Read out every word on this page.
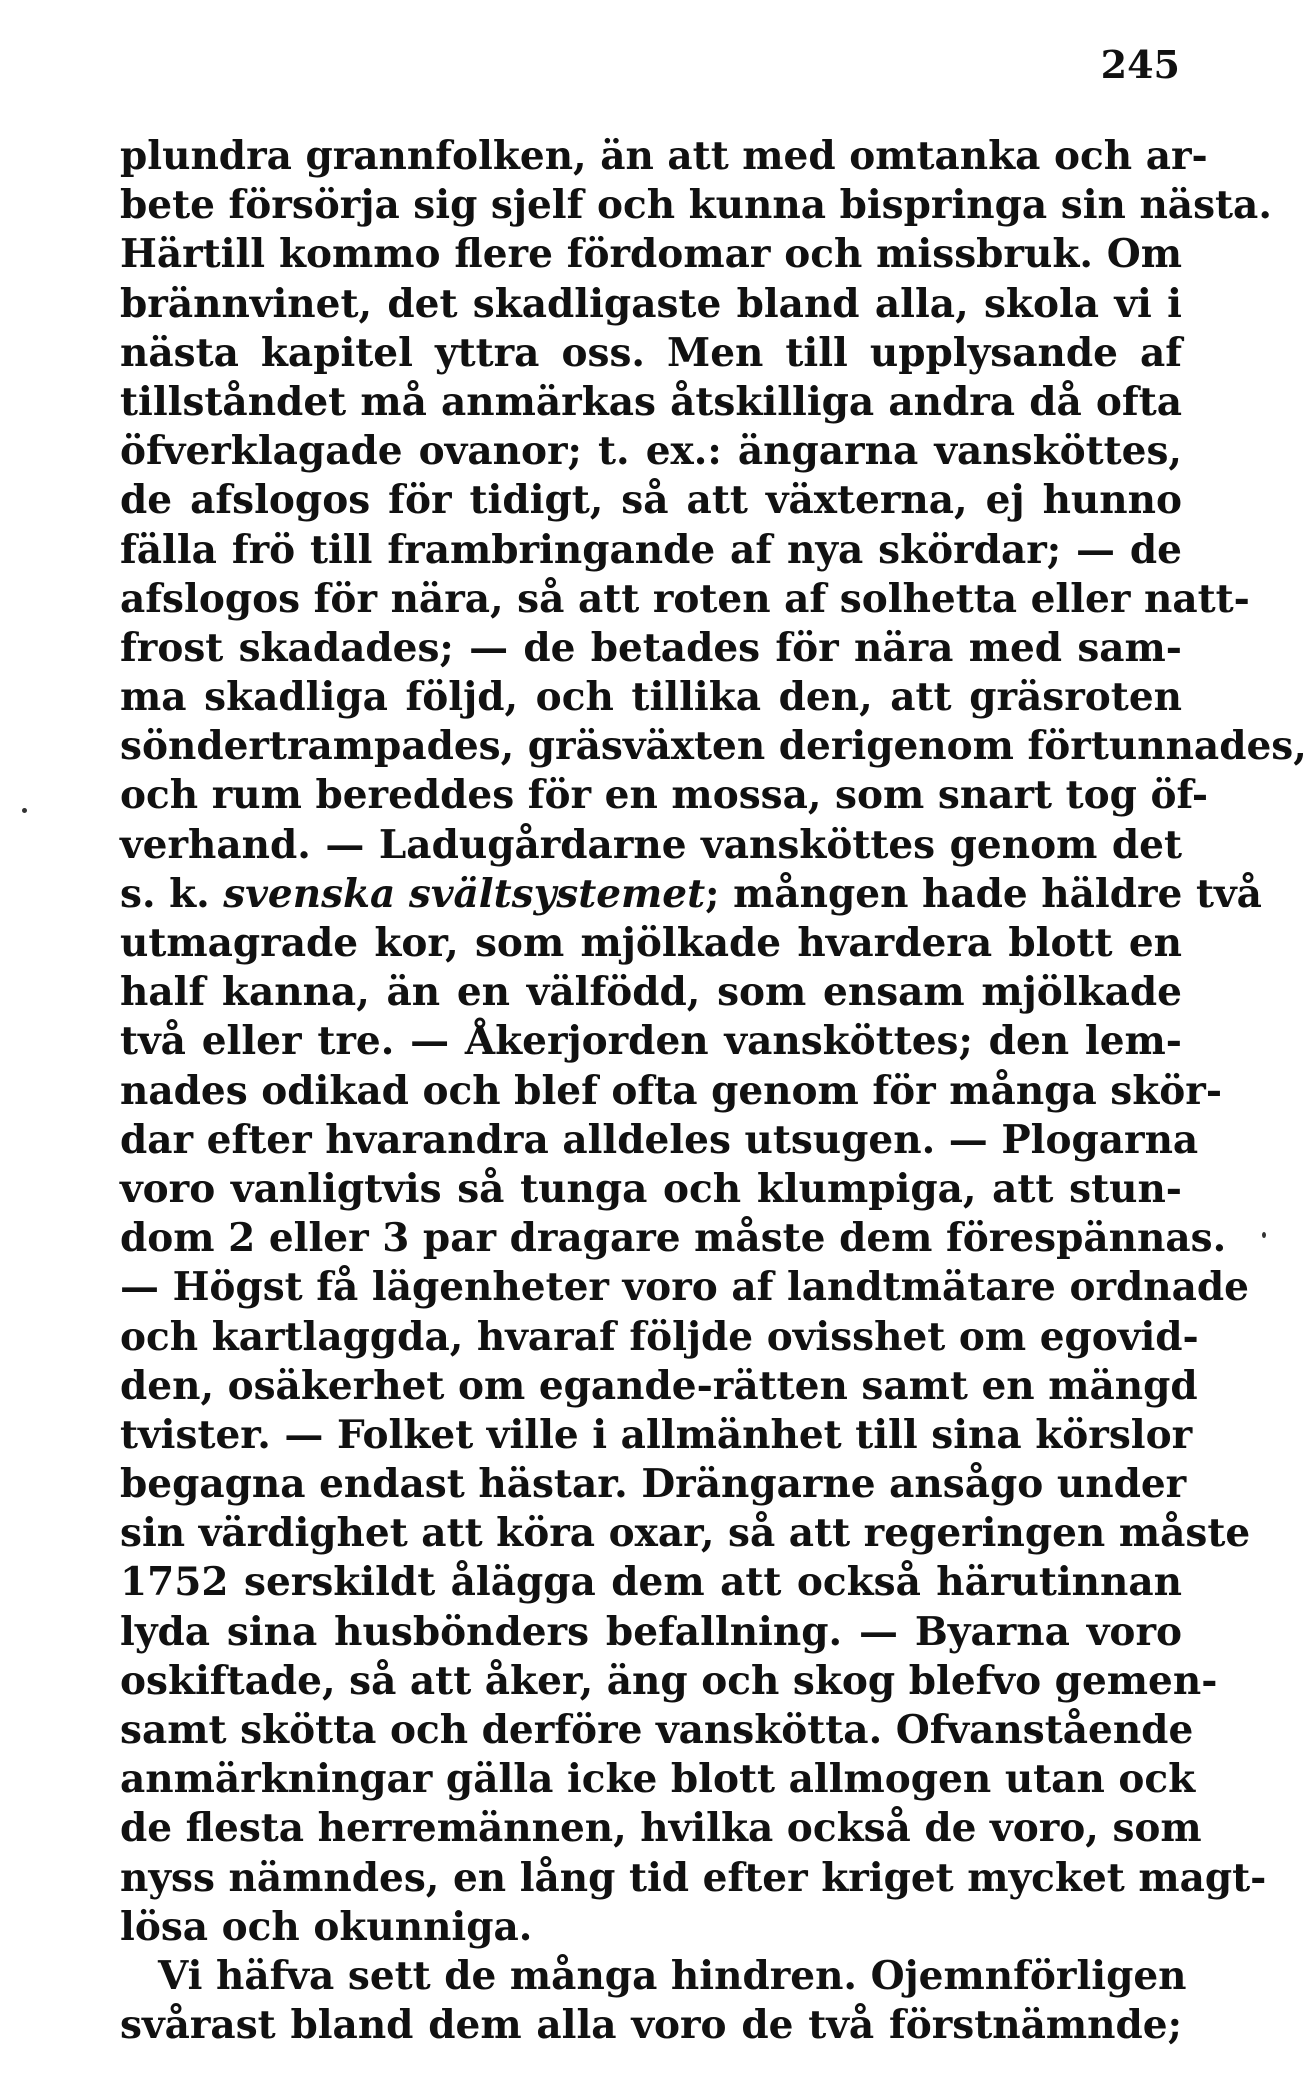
245
plundra grannfolken, än att med omtanka och ar-
bete försörja sig sjelf och kunna bispringa sin nästa.
Härtill kommo flere fördomar och missbruk. Om
brännvinet, det skadligaste bland alla, skola vi i
nästa kapitel yttra oss. Men till upplysande af
tillståndet må anmärkas åtskilliga andra då ofta
öfverklagade ovanor; t. ex.: ängarna vansköttes,
de afslogos för tidigt, så att växterna, ej hunno
fälla frö till frambringande af nya skördar; — de
afslogos för nära, så att roten af solhetta eller natt-
frost skadades; — de betades för nära med sam-
ma skadliga följd, och tillika den, att gräsroten
söndertrampades, gräsväxten derigenom förtunnades,
och rum bereddes för en mossa, som snart tog öf-
verhand. — Ladugårdarne vansköttes genom det
s. k. svenska svältsystemet; mången hade häldre två
utmagrade kor, som mjölkade hvardera blott en
half kanna, än en välfödd, som ensam mjölkade
två eller tre. — Åkerjorden vansköttes; den lem-
nades odikad och blef ofta genom för många skör-
dar efter hvarandra alldeles utsugen. — Plogarna
voro vanligtvis så tunga och klumpiga, att stun-
dom 2 eller 3 par dragare måste dem förespännas.
— Högst få lägenheter voro af landtmätare ordnade
och kartlaggda, hvaraf följde ovisshet om egovid-
den, osäkerhet om egande-rätten samt en mängd
tvister. — Folket ville i allmänhet till sina körslor
begagna endast hästar. Drängarne ansågo under
sin värdighet att köra oxar, så att regeringen måste
1752 serskildt ålägga dem att också härutinnan
lyda sina husbönders befallning. — Byarna voro
oskiftade, så att åker, äng och skog blefvo gemen-
samt skötta och derföre vansköttа. Ofvanstående
anmärkningar gälla icke blott allmogen utan ock
de flesta herremännen, hvilka också de voro, som
nyss nämndes, en lång tid efter kriget mycket magt-
lösa och okunniga.
Vi häfva sett de många hindren. Ojemnförligen
svårast bland dem alla voro de två förstnämnde;
